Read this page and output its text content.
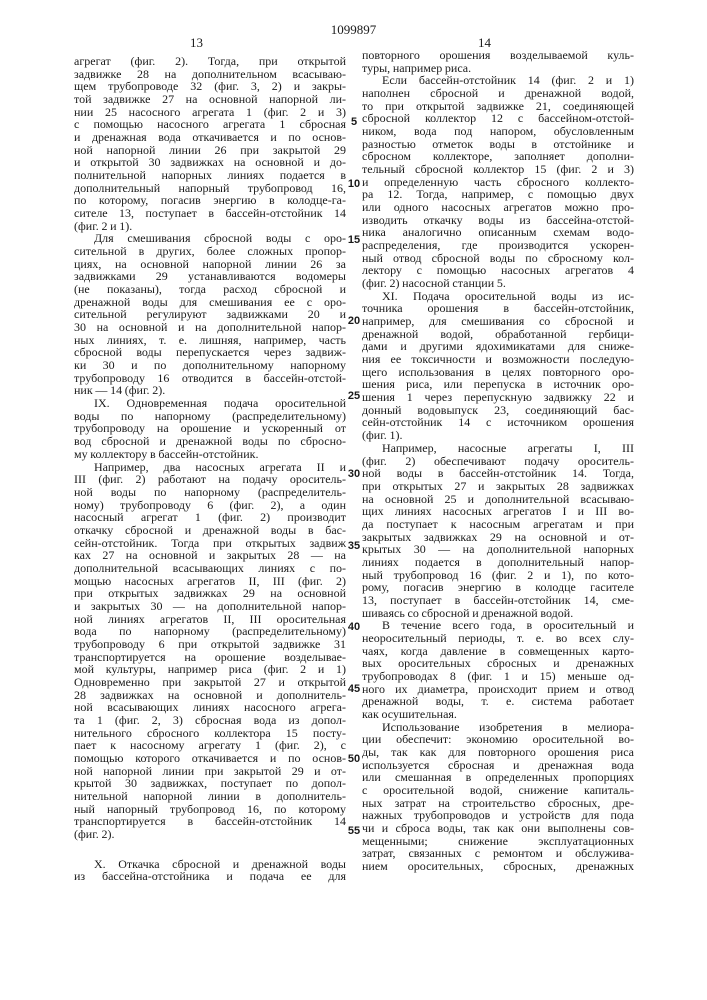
1099897
13	14
агрегат (фиг. 2). Тогда, при открытой
задвижке 28 на дополнительном всасываю-
щем трубопроводе 32 (фиг. 3, 2) и закры-
той задвижке 27 на основной напорной ли-
нии 25 насосного агрегата 1 (фиг. 2 и 3)
с помощью насосного агрегата 1 сбросная
и дренажная вода откачивается и по основ-
ной напорной линии 26 при закрытой 29
и открытой 30 задвижках на основной и до-
полнительной напорных линиях подается в
дополнительный напорный трубопровод 16,
по которому, погасив энергию в колодце-га-
сителе 13, поступает в бассейн-отстойник 14
(фиг. 2 и 1).
Для смешивания сбросной воды с оро-
сительной в других, более сложных пропор-
циях, на основной напорной линии 26 за
задвижками 29 устанавливаются водомеры
(не показаны), тогда расход сбросной и
дренажной воды для смешивания ее с оро-
сительной регулируют задвижками 20 и
30 на основной и на дополнительной напор-
ных линиях, т. е. лишняя, например, часть
сбросной воды перепускается через задвиж-
ки 30 и по дополнительному напорному
трубопроводу 16 отводится в бассейн-отстой-
ник — 14 (фиг. 2).
IX. Одновременная подача оросительной
воды по напорному (распределительному)
трубопроводу на орошение и ускоренный от
вод сбросной и дренажной воды по сбросно-
му коллектору в бассейн-отстойник.
Например, два насосных агрегата II и
III (фиг. 2) работают на подачу ороситель-
ной воды по напорному (распределитель-
ному) трубопроводу 6 (фиг. 2), а один
насосный агрегат 1 (фиг. 2) производит
откачку сбросной и дренажной воды в бас-
сейн-отстойник. Тогда при открытых задвиж
ках 27 на основной и закрытых 28 — на
дополнительной всасывающих линиях с по-
мощью насосных агрегатов II, III (фиг. 2)
при открытых задвижках 29 на основной
и закрытых 30 — на дополнительной напор-
ной линиях агрегатов II, III оросительная
вода по напорному (распределительному)
трубопроводу 6 при открытой задвижке 31
транспортируется на орошение возделывае-
мой культуры, например риса (фиг. 2 и 1)
Одновременно при закрытой 27 и открытой
28 задвижках на основной и дополнитель-
ной всасывающих линиях насосного агрега-
та 1 (фиг. 2, 3) сбросная вода из допол-
нительного сбросного коллектора 15 посту-
пает к насосному агрегату 1 (фиг. 2), с
помощью которого откачивается и по основ-
ной напорной линии при закрытой 29 и от-
крытой 30 задвижках, поступает по допол-
нительной напорной линии в дополнитель-
ный напорный трубопровод 16, по которому
транспортируется в бассейн-отстойник 14
(фиг. 2).
X. Откачка сбросной и дренажной воды
из бассейна-отстойника и подача ее для
повторного орошения возделываемой куль-
туры, например риса.
Если бассейн-отстойник 14 (фиг. 2 и 1)
наполнен сбросной и дренажной водой,
то при открытой задвижке 21, соединяющей
сбросной коллектор 12 с бассейном-отстой-
ником, вода под напором, обусловленным
разностью отметок воды в отстойнике и
сбросном коллекторе, заполняет дополни-
тельный сбросной коллектор 15 (фиг. 2 и 3)
и определенную часть сбросного коллекто-
ра 12. Тогда, например, с помощью двух
или одного насосных агрегатов можно про-
изводить откачку воды из бассейна-отстой-
ника аналогично описанным схемам водо-
распределения, где производится ускорен-
ный отвод сбросной воды по сбросному кол-
лектору с помощью насосных агрегатов 4
(фиг. 2) насосной станции 5.
XI. Подача оросительной воды из ис-
точника орошения в бассейн-отстойник,
например, для смешивания со сбросной и
дренажной водой, обработанной гербици-
дами и другими ядохимикатами для сниже-
ния ее токсичности и возможности последую-
щего использования в целях повторного оро-
шения риса, или перепуска в источник оро-
шения 1 через перепускную задвижку 22 и
донный водовыпуск 23, соединяющий бас-
сейн-отстойник 14 с источником орошения
(фиг. 1).
Например, насосные агрегаты I, III
(фиг. 2) обеспечивают подачу ороситель-
ной воды в бассейн-отстойник 14. Тогда,
при открытых 27 и закрытых 28 задвижках
на основной 25 и дополнительной всасываю-
щих линиях насосных агрегатов I и III во-
да поступает к насосным агрегатам и при
закрытых задвижках 29 на основной и от-
крытых 30 — на дополнительной напорных
линиях подается в дополнительный напор-
ный трубопровод 16 (фиг. 2 и 1), по кото-
рому, погасив энергию в колодце гасителе
13, поступает в бассейн-отстойник 14, сме-
шиваясь со сбросной и дренажной водой.
В течение всего года, в оросительный и
неоросительный периоды, т. е. во всех слу-
чаях, когда давление в совмещенных карто-
вых оросительных сбросных и дренажных
трубопроводах 8 (фиг. 1 и 15) меньше од-
ного их диаметра, происходит прием и отвод
дренажной воды, т. е. система работает
как осушительная.
Использование изобретения в мелиора-
ции обеспечит: экономию оросительной во-
ды, так как для повторного орошения риса
используется сбросная и дренажная вода
или смешанная в определенных пропорциях
с оросительной водой, снижение капиталь-
ных затрат на строительство сбросных, дре-
нажных трубопроводов и устройств для пода
чи и сброса воды, так как они выполнены сов-
мещенными; снижение эксплуатационных
затрат, связанных с ремонтом и обслужива-
нием оросительных, сбросных, дренажных
5
10
15
20
25
30
35
40
45
50
55
